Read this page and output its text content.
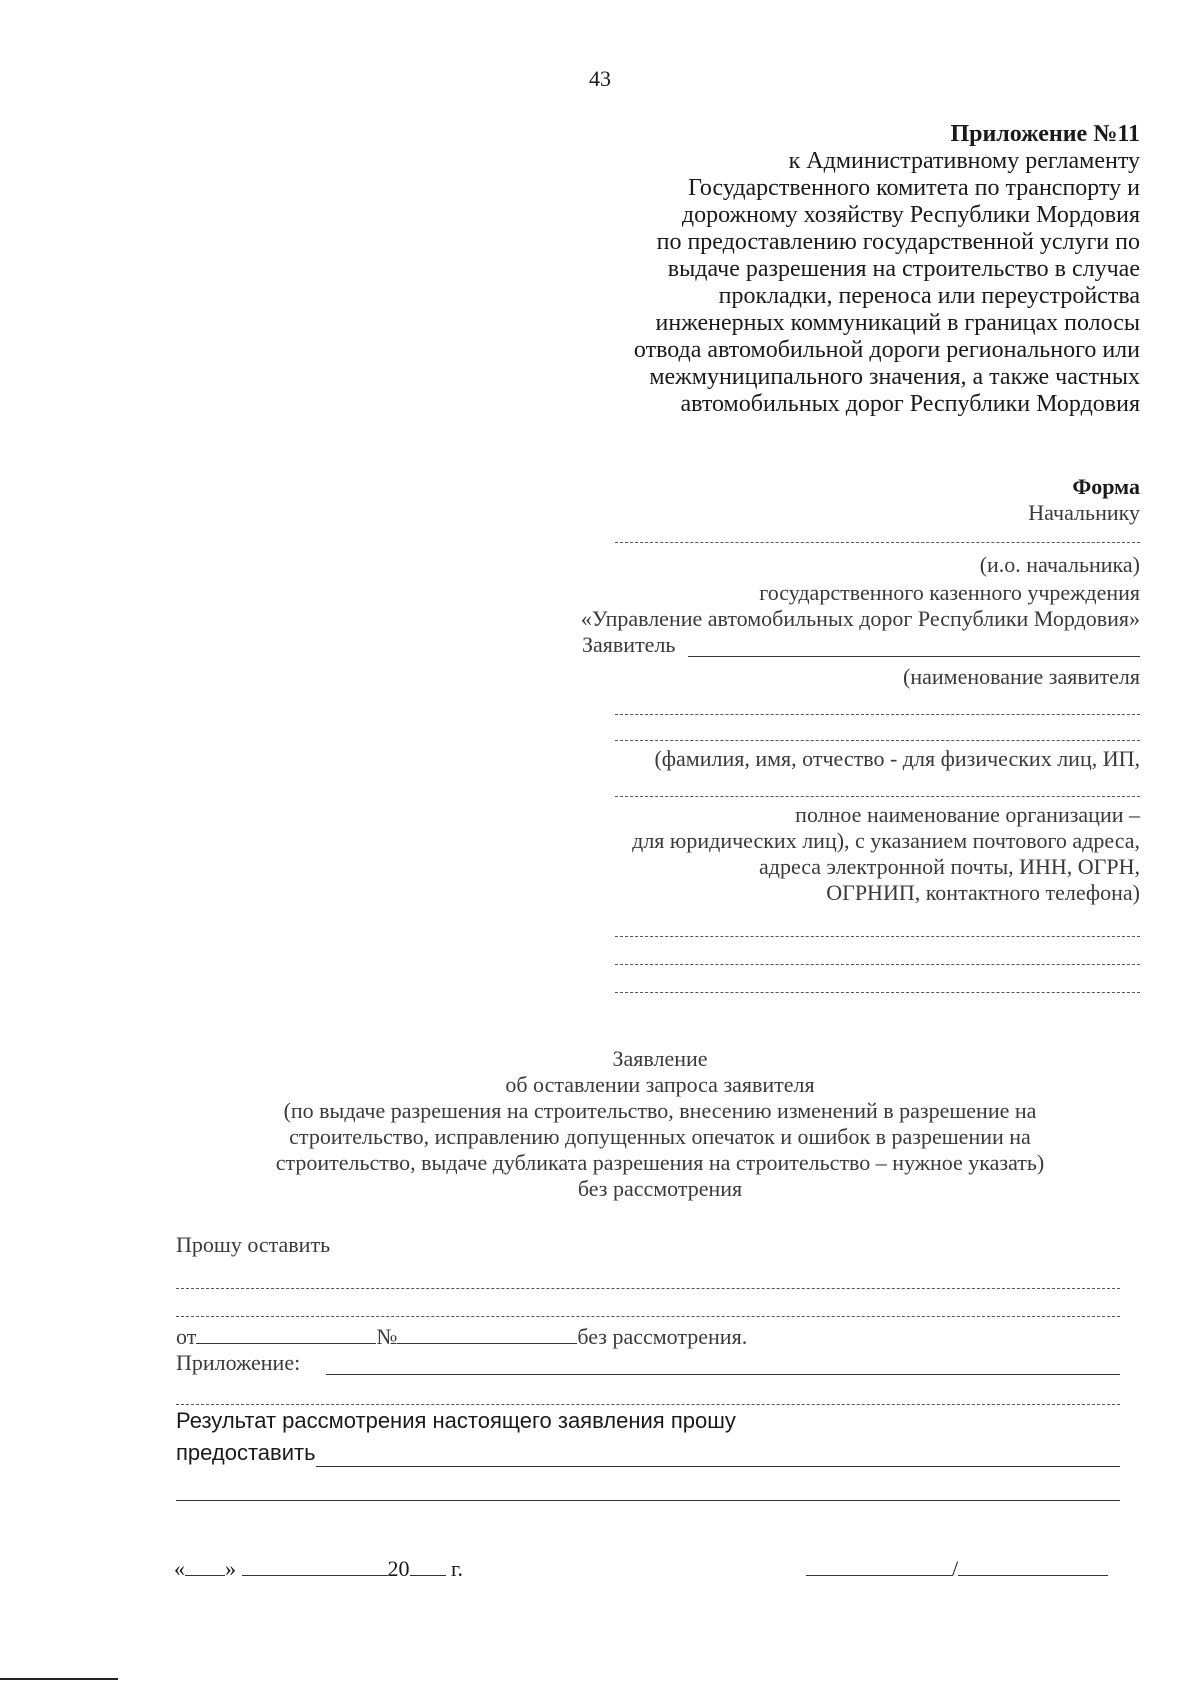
43
Приложение №11
к Административному регламенту
Государственного комитета по транспорту и
дорожному хозяйству Республики Мордовия
по предоставлению государственной услуги по
выдаче разрешения на строительство в случае
прокладки, переноса или переустройства
инженерных коммуникаций в границах полосы
отвода автомобильной дороги регионального или
межмуниципального значения, а также частных
автомобильных дорог Республики Мордовия
Форма
Начальнику
(и.о. начальника)
государственного казенного учреждения
«Управление автомобильных дорог Республики Мордовия»
Заявитель
(наименование заявителя
(фамилия, имя, отчество - для физических лиц, ИП,
полное наименование организации –
для юридических лиц), с указанием почтового адреса,
адреса электронной почты, ИНН, ОГРН,
ОГРНИП, контактного телефона)
Заявление
об оставлении запроса заявителя
(по выдаче разрешения на строительство, внесению изменений в разрешение на
строительство, исправлению допущенных опечаток и ошибок в разрешении на
строительство, выдаче дубликата разрешения на строительство – нужное указать)
без рассмотрения
Прошу оставить
от	№	без рассмотрения.
Приложение:
Результат рассмотрения настоящего заявления прошу
предоставить
« »	20 г.	/
